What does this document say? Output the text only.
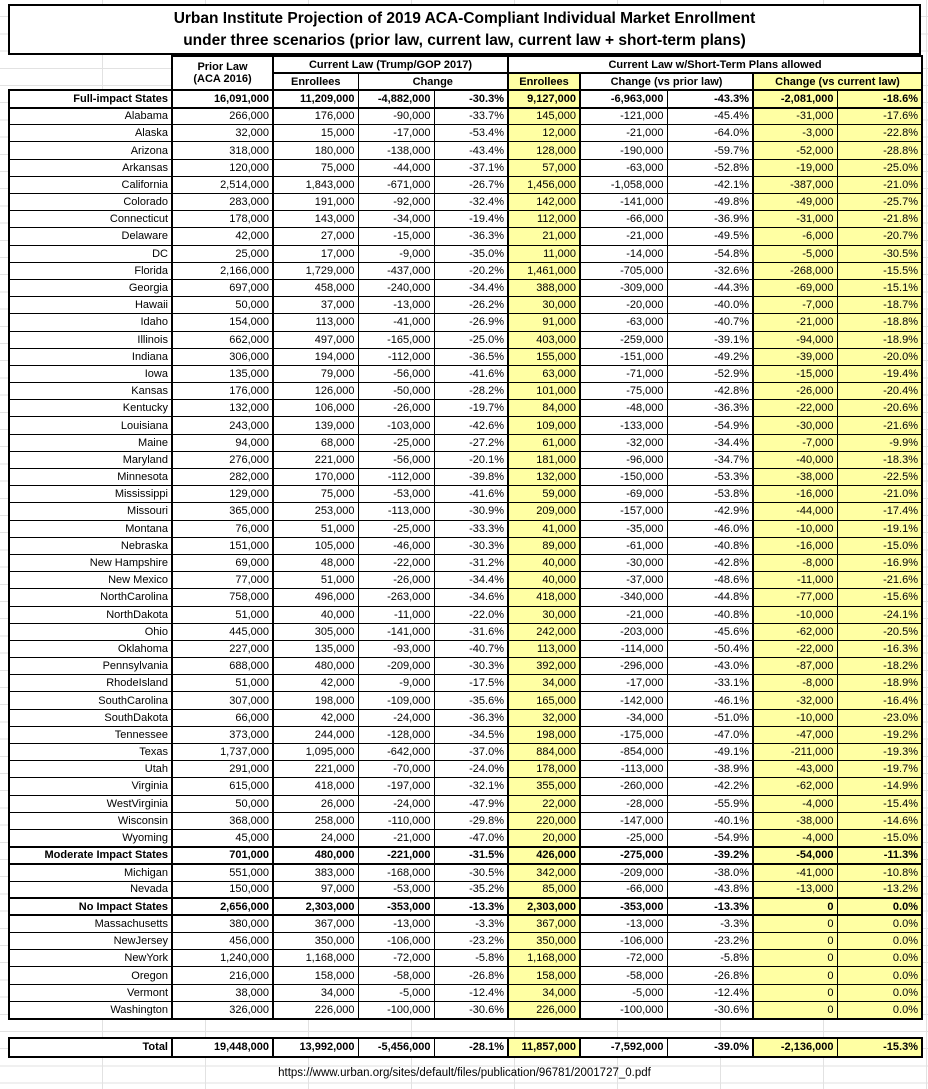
Urban Institute Projection of 2019 ACA-Compliant Individual Market Enrollment
under three scenarios (prior law, current law, current law + short-term plans)

	Prior Law
(ACA 2016)	Current Law (Trump/GOP 2017)			Current Law w/Short-Term Plans allowed				
		Enrollees	Change		Enrollees	Change (vs prior law)		Change (vs current law)	
Full-impact States	16,091,000	11,209,000	-4,882,000	-30.3%	9,127,000	-6,963,000	-43.3%	-2,081,000	-18.6%
Alabama	266,000	176,000	-90,000	-33.7%	145,000	-121,000	-45.4%	-31,000	-17.6%
Alaska	32,000	15,000	-17,000	-53.4%	12,000	-21,000	-64.0%	-3,000	-22.8%
Arizona	318,000	180,000	-138,000	-43.4%	128,000	-190,000	-59.7%	-52,000	-28.8%
Arkansas	120,000	75,000	-44,000	-37.1%	57,000	-63,000	-52.8%	-19,000	-25.0%
California	2,514,000	1,843,000	-671,000	-26.7%	1,456,000	-1,058,000	-42.1%	-387,000	-21.0%
Colorado	283,000	191,000	-92,000	-32.4%	142,000	-141,000	-49.8%	-49,000	-25.7%
Connecticut	178,000	143,000	-34,000	-19.4%	112,000	-66,000	-36.9%	-31,000	-21.8%
Delaware	42,000	27,000	-15,000	-36.3%	21,000	-21,000	-49.5%	-6,000	-20.7%
DC	25,000	17,000	-9,000	-35.0%	11,000	-14,000	-54.8%	-5,000	-30.5%
Florida	2,166,000	1,729,000	-437,000	-20.2%	1,461,000	-705,000	-32.6%	-268,000	-15.5%
Georgia	697,000	458,000	-240,000	-34.4%	388,000	-309,000	-44.3%	-69,000	-15.1%
Hawaii	50,000	37,000	-13,000	-26.2%	30,000	-20,000	-40.0%	-7,000	-18.7%
Idaho	154,000	113,000	-41,000	-26.9%	91,000	-63,000	-40.7%	-21,000	-18.8%
Illinois	662,000	497,000	-165,000	-25.0%	403,000	-259,000	-39.1%	-94,000	-18.9%
Indiana	306,000	194,000	-112,000	-36.5%	155,000	-151,000	-49.2%	-39,000	-20.0%
Iowa	135,000	79,000	-56,000	-41.6%	63,000	-71,000	-52.9%	-15,000	-19.4%
Kansas	176,000	126,000	-50,000	-28.2%	101,000	-75,000	-42.8%	-26,000	-20.4%
Kentucky	132,000	106,000	-26,000	-19.7%	84,000	-48,000	-36.3%	-22,000	-20.6%
Louisiana	243,000	139,000	-103,000	-42.6%	109,000	-133,000	-54.9%	-30,000	-21.6%
Maine	94,000	68,000	-25,000	-27.2%	61,000	-32,000	-34.4%	-7,000	-9.9%
Maryland	276,000	221,000	-56,000	-20.1%	181,000	-96,000	-34.7%	-40,000	-18.3%
Minnesota	282,000	170,000	-112,000	-39.8%	132,000	-150,000	-53.3%	-38,000	-22.5%
Mississippi	129,000	75,000	-53,000	-41.6%	59,000	-69,000	-53.8%	-16,000	-21.0%
Missouri	365,000	253,000	-113,000	-30.9%	209,000	-157,000	-42.9%	-44,000	-17.4%
Montana	76,000	51,000	-25,000	-33.3%	41,000	-35,000	-46.0%	-10,000	-19.1%
Nebraska	151,000	105,000	-46,000	-30.3%	89,000	-61,000	-40.8%	-16,000	-15.0%
New Hampshire	69,000	48,000	-22,000	-31.2%	40,000	-30,000	-42.8%	-8,000	-16.9%
New Mexico	77,000	51,000	-26,000	-34.4%	40,000	-37,000	-48.6%	-11,000	-21.6%
NorthCarolina	758,000	496,000	-263,000	-34.6%	418,000	-340,000	-44.8%	-77,000	-15.6%
NorthDakota	51,000	40,000	-11,000	-22.0%	30,000	-21,000	-40.8%	-10,000	-24.1%
Ohio	445,000	305,000	-141,000	-31.6%	242,000	-203,000	-45.6%	-62,000	-20.5%
Oklahoma	227,000	135,000	-93,000	-40.7%	113,000	-114,000	-50.4%	-22,000	-16.3%
Pennsylvania	688,000	480,000	-209,000	-30.3%	392,000	-296,000	-43.0%	-87,000	-18.2%
RhodeIsland	51,000	42,000	-9,000	-17.5%	34,000	-17,000	-33.1%	-8,000	-18.9%
SouthCarolina	307,000	198,000	-109,000	-35.6%	165,000	-142,000	-46.1%	-32,000	-16.4%
SouthDakota	66,000	42,000	-24,000	-36.3%	32,000	-34,000	-51.0%	-10,000	-23.0%
Tennessee	373,000	244,000	-128,000	-34.5%	198,000	-175,000	-47.0%	-47,000	-19.2%
Texas	1,737,000	1,095,000	-642,000	-37.0%	884,000	-854,000	-49.1%	-211,000	-19.3%
Utah	291,000	221,000	-70,000	-24.0%	178,000	-113,000	-38.9%	-43,000	-19.7%
Virginia	615,000	418,000	-197,000	-32.1%	355,000	-260,000	-42.2%	-62,000	-14.9%
WestVirginia	50,000	26,000	-24,000	-47.9%	22,000	-28,000	-55.9%	-4,000	-15.4%
Wisconsin	368,000	258,000	-110,000	-29.8%	220,000	-147,000	-40.1%	-38,000	-14.6%
Wyoming	45,000	24,000	-21,000	-47.0%	20,000	-25,000	-54.9%	-4,000	-15.0%
Moderate Impact States	701,000	480,000	-221,000	-31.5%	426,000	-275,000	-39.2%	-54,000	-11.3%
Michigan	551,000	383,000	-168,000	-30.5%	342,000	-209,000	-38.0%	-41,000	-10.8%
Nevada	150,000	97,000	-53,000	-35.2%	85,000	-66,000	-43.8%	-13,000	-13.2%
No Impact States	2,656,000	2,303,000	-353,000	-13.3%	2,303,000	-353,000	-13.3%	0	0.0%
Massachusetts	380,000	367,000	-13,000	-3.3%	367,000	-13,000	-3.3%	0	0.0%
NewJersey	456,000	350,000	-106,000	-23.2%	350,000	-106,000	-23.2%	0	0.0%
NewYork	1,240,000	1,168,000	-72,000	-5.8%	1,168,000	-72,000	-5.8%	0	0.0%
Oregon	216,000	158,000	-58,000	-26.8%	158,000	-58,000	-26.8%	0	0.0%
Vermont	38,000	34,000	-5,000	-12.4%	34,000	-5,000	-12.4%	0	0.0%
Washington	326,000	226,000	-100,000	-30.6%	226,000	-100,000	-30.6%	0	0.0%
Total	19,448,000	13,992,000	-5,456,000	-28.1%	11,857,000	-7,592,000	-39.0%	-2,136,000	-15.3%
https://www.urban.org/sites/default/files/publication/96781/2001727_0.pdf
